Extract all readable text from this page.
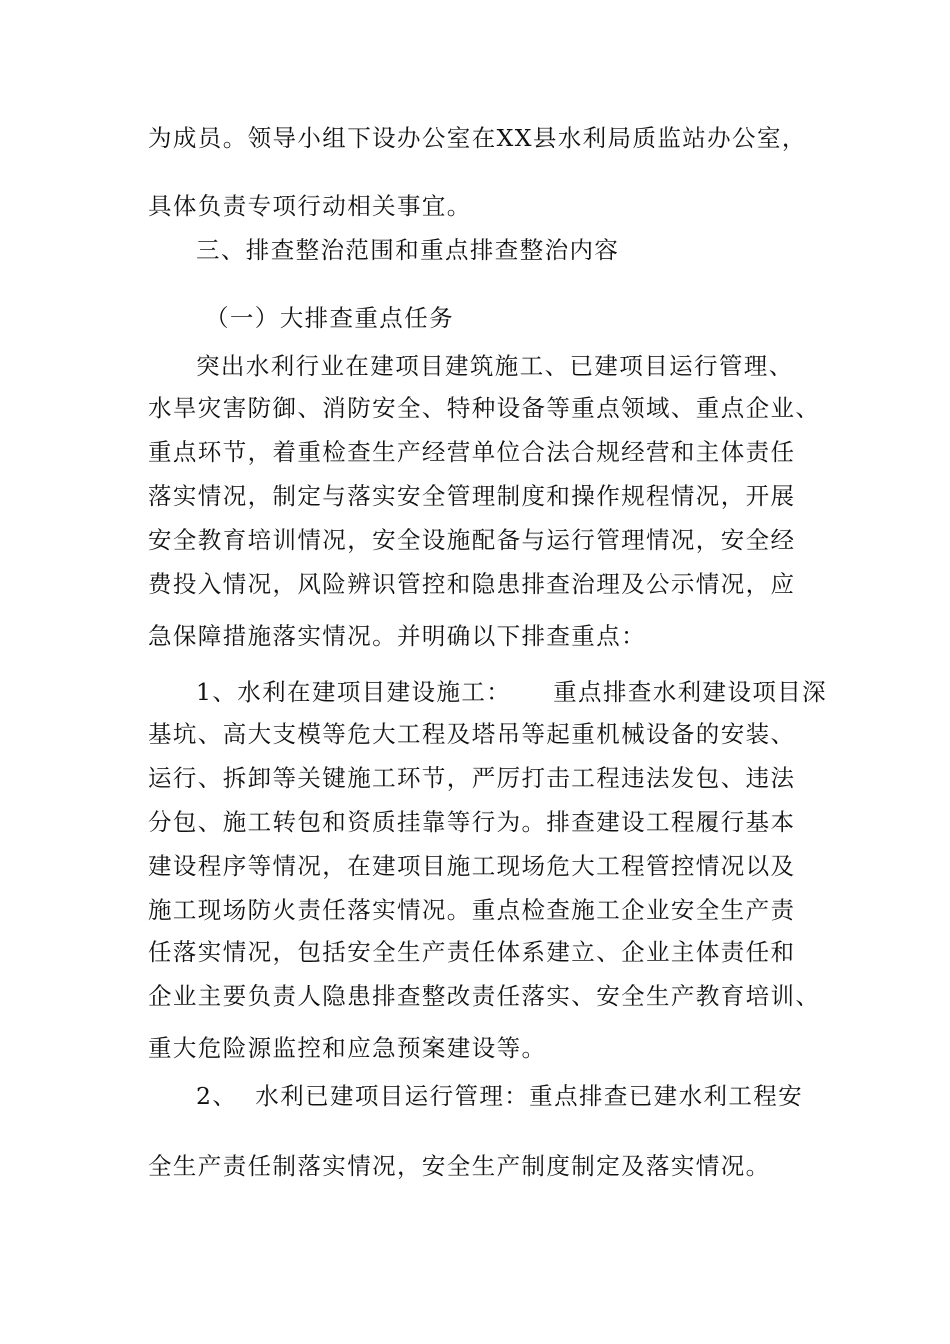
为成员。领导小组下设办公室在XX县水利局质监站办公室，
具体负责专项行动相关事宜。
三、排查整治范围和重点排查整治内容
（一）大排查重点任务
突出水利行业在建项目建筑施工、已建项目运行管理、
水旱灾害防御、消防安全、特种设备等重点领域、重点企业、
重点环节，着重检查生产经营单位合法合规经营和主体责任
落实情况，制定与落实安全管理制度和操作规程情况，开展
安全教育培训情况，安全设施配备与运行管理情况，安全经
费投入情况，风险辨识管控和隐患排查治理及公示情况，应
急保障措施落实情况。并明确以下排查重点：
1、水利在建项目建设施工： 重点排查水利建设项目深
基坑、高大支模等危大工程及塔吊等起重机械设备的安装、
运行、拆卸等关键施工环节，严厉打击工程违法发包、违法
分包、施工转包和资质挂靠等行为。排查建设工程履行基本
建设程序等情况，在建项目施工现场危大工程管控情况以及
施工现场防火责任落实情况。重点检查施工企业安全生产责
任落实情况，包括安全生产责任体系建立、企业主体责任和
企业主要负责人隐患排查整改责任落实、安全生产教育培训、
重大危险源监控和应急预案建设等。
2、 水利已建项目运行管理：重点排查已建水利工程安
全生产责任制落实情况，安全生产制度制定及落实情况。
